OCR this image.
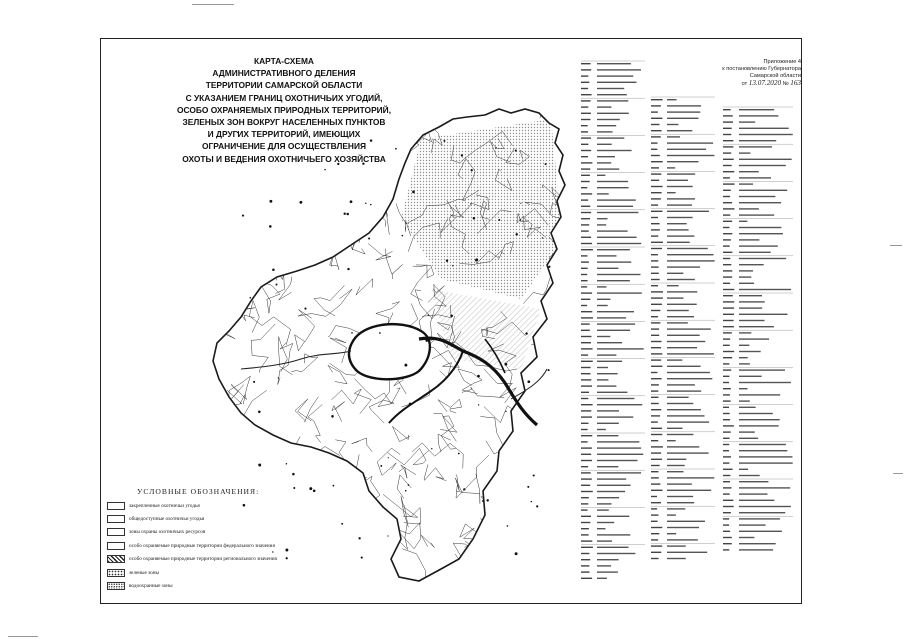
КАРТА-СХЕМА
АДМИНИСТРАТИВНОГО ДЕЛЕНИЯ
ТЕРРИТОРИИ САМАРСКОЙ ОБЛАСТИ
С УКАЗАНИЕМ ГРАНИЦ ОХОТНИЧЬИХ УГОДИЙ,
ОСОБО ОХРАНЯЕМЫХ ПРИРОДНЫХ ТЕРРИТОРИЙ,
ЗЕЛЕНЫХ ЗОН ВОКРУГ НАСЕЛЕННЫХ ПУНКТОВ
И ДРУГИХ ТЕРРИТОРИЙ, ИМЕЮЩИХ
ОГРАНИЧЕНИЕ ДЛЯ ОСУЩЕСТВЛЕНИЯ
ОХОТЫ И ВЕДЕНИЯ ОХОТНИЧЬЕГО ХОЗЯЙСТВА
УСЛОВНЫЕ ОБОЗНАЧЕНИЯ:
закрепленные охотничьи угодья
общедоступные охотничьи угодья
зоны охраны охотничьих ресурсов
особо охраняемые природные территории федерального значения
особо охраняемые природные территории регионального значения
зеленые зоны
водоохранные зоны
Приложение 4
к постановлению Губернатора
Самарской области
от 13.07.2020 № 163
